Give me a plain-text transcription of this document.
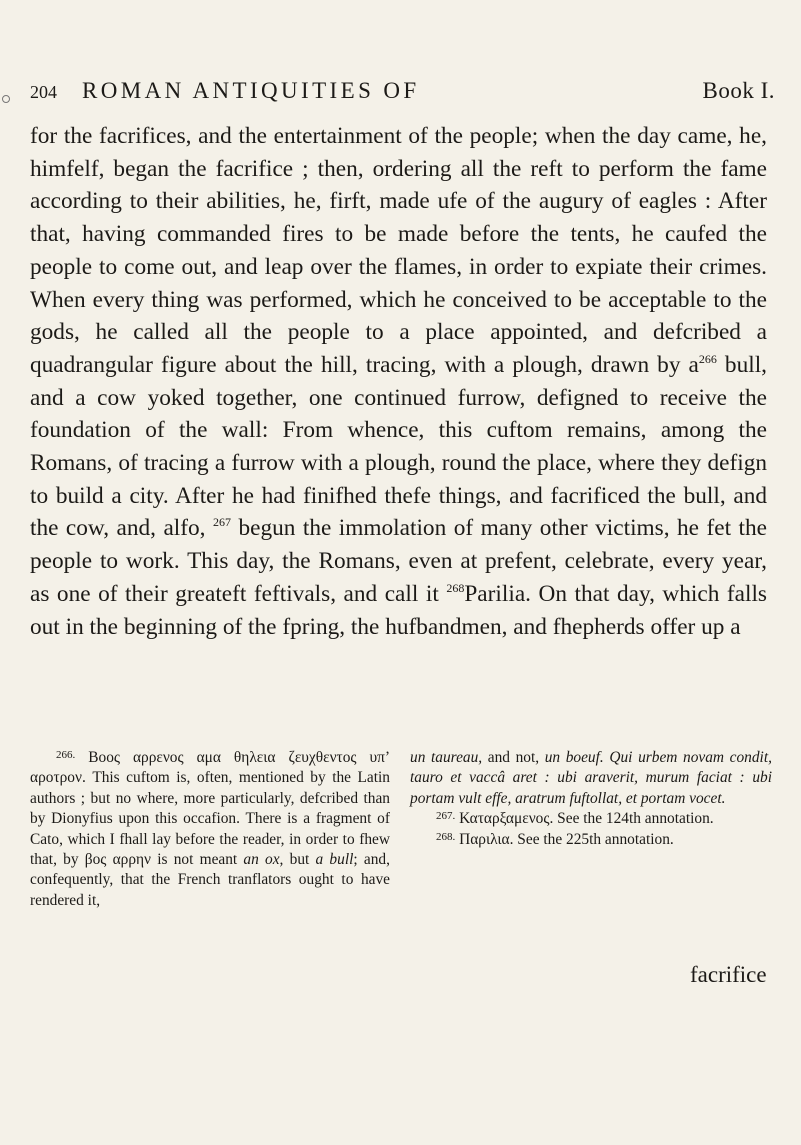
204 ROMAN ANTIQUITIES OF	Book I.

for the facrifices, and the entertainment of the people; when the day came, he, himfelf, began the facrifice ; then, ordering all the reft to perform the fame according to their abilities, he, firft, made ufe of the augury of eagles : After that, having commanded fires to be made before the tents, he caufed the people to come out, and leap over the flames, in order to expiate their crimes. When every thing was performed, which he conceived to be acceptable to the gods, he called all the people to a place appointed, and defcribed a quadrangular figure about the hill, tracing, with a plough, drawn by $a^{266}$ bull, and a cow yoked together, one continued furrow, defigned to receive the foundation of the wall: From whence, this cuftom remains, among the Romans, of tracing a furrow with a plough, round the place, where they defign to build a city. After he had finifhed thefe things, and facrificed the bull, and the cow, and, alfo, $^{267}$ begun the immolation of many other victims, he fet the people to work. This day, the Romans, even at prefent, celebrate, every year, as one of their greateft feftivals, and call it $^{268}$Parilia. On that day, which falls out in the beginning of the fpring, the hufbandmen, and fhepherds offer up a

$^{266.}$ Βοος αρρενος αμα θηλεια ζευχθεντος υπ’ αροτρον. This cuftom is, often, mentioned by the Latin authors ; but no where, more particularly, defcribed than by Dionyfius upon this occafion. There is a fragment of Cato, which I fhall lay before the reader, in order to fhew that, by βος αρρην is not meant an ox, but a bull; and, confequently, that the French tranflators ought to have rendered it,

un taureau, and not, un boeuf. Qui urbem novam condit, tauro et vaccâ aret : ubi araverit, murum faciat : ubi portam vult effe, aratrum fuftollat, et portam vocet.

$^{267.}$ Καταρξαμενος. See the 124th annotation.

$^{268.}$ Παριλια. See the 225th annotation.

facrifice
